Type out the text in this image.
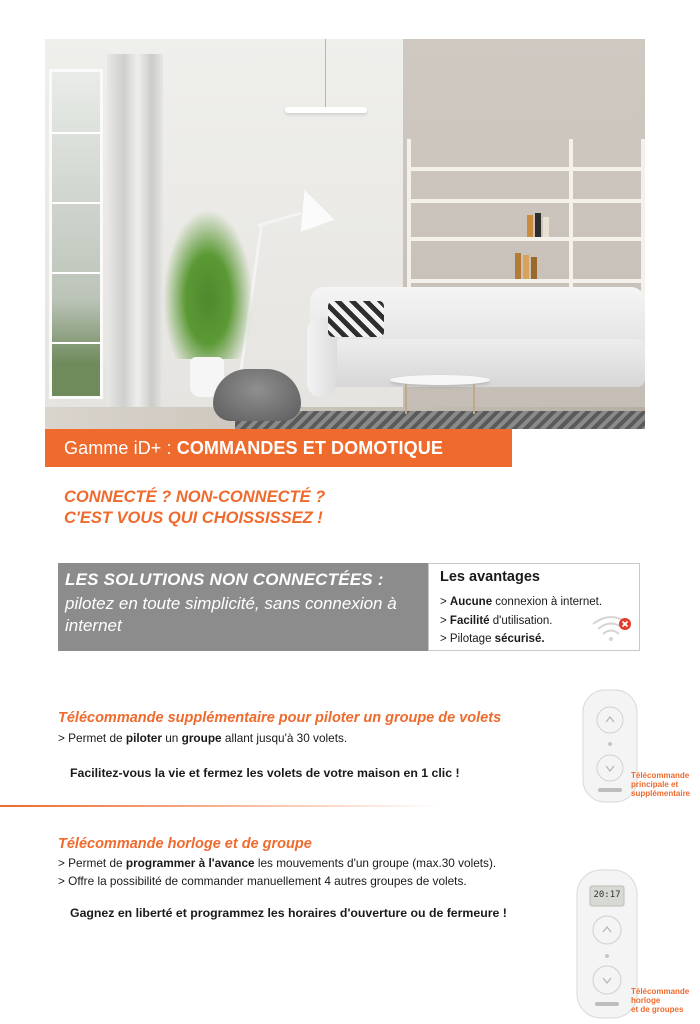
Gamme iD+ : COMMANDES ET DOMOTIQUE
CONNECTÉ ? NON-CONNECTÉ ?
C'EST VOUS QUI CHOISSISSEZ !
LES SOLUTIONS NON CONNECTÉES :
pilotez en toute simplicité, sans connexion à internet
Les avantages
> Aucune connexion à internet.
> Facilité d'utilisation.
> Pilotage sécurisé.
Télécommande supplémentaire pour piloter un groupe de volets
> Permet de piloter un groupe allant jusqu'à 30 volets.
Facilitez-vous la vie et fermez les volets de votre maison en 1 clic !	Télécommande
principale et
supplémentaire
Télécommande horloge et de groupe
> Permet de programmer à l'avance les mouvements d'un groupe (max.30 volets).
> Offre la possibilité de commander manuellement 4 autres groupes de volets.
Gagnez en liberté et programmez les horaires d'ouverture ou de fermeure !
20:17
Télécommande
horloge
et de groupes
